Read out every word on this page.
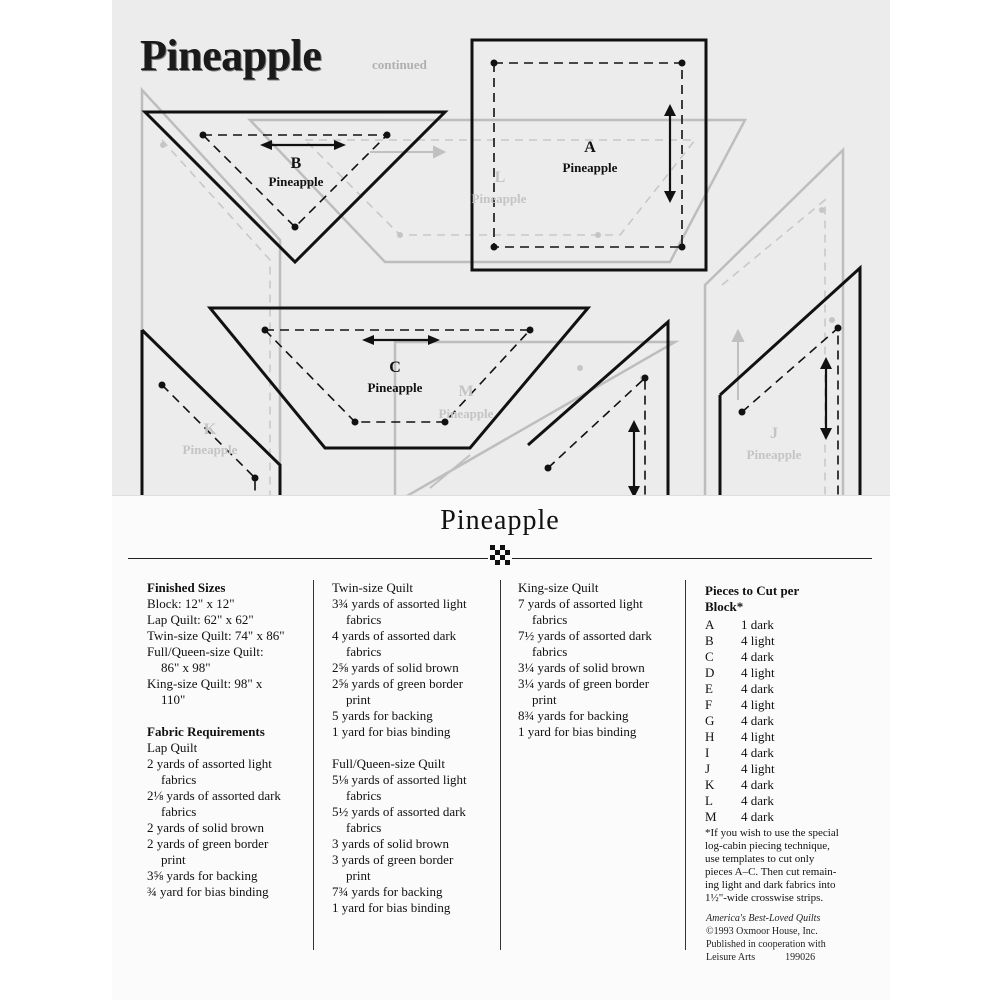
A
Pineapple
B
Pineapple
C
Pineapple
L
Pineapple
M
Pineapple
K
Pineapple
J
Pineapple
Pineapple	continued
Pineapple

Finished Sizes

Block: 12" x 12"

Lap Quilt: 62" x 62"

Twin-size Quilt: 74" x 86"

Full/Queen-size Quilt:

86" x 98"

King-size Quilt: 98" x

110"

Fabric Requirements

Lap Quilt

2 yards of assorted light

fabrics

2⅛ yards of assorted dark

fabrics

2 yards of solid brown

2 yards of green border

print

3⅝ yards for backing

¾ yard for bias binding

Twin-size Quilt

3¾ yards of assorted light

fabrics

4 yards of assorted dark

fabrics

2⅝ yards of solid brown

2⅝ yards of green border

print

5 yards for backing

1 yard for bias binding

Full/Queen-size Quilt

5⅛ yards of assorted light

fabrics

5½ yards of assorted dark

fabrics

3 yards of solid brown

3 yards of green border

print

7¾ yards for backing

1 yard for bias binding

King-size Quilt

7 yards of assorted light

fabrics

7½ yards of assorted dark

fabrics

3¼ yards of solid brown

3¼ yards of green border

print

8¾ yards for backing

1 yard for bias binding

Pieces to Cut per

Block*

A	1 dark
B	4 light
C	4 dark
D	4 light
E	4 dark
F	4 light
G	4 dark
H	4 light
I	4 dark
J	4 light
K	4 dark
L	4 dark
M	4 dark

*If you wish to use the special

log-cabin piecing technique,

use templates to cut only

pieces A–C. Then cut remain-

ing light and dark fabrics into

1½"-wide crosswise strips.

America's Best-Loved Quilts
©1993 Oxmoor House, Inc.
Published in cooperation with
Leisure Arts	199026
